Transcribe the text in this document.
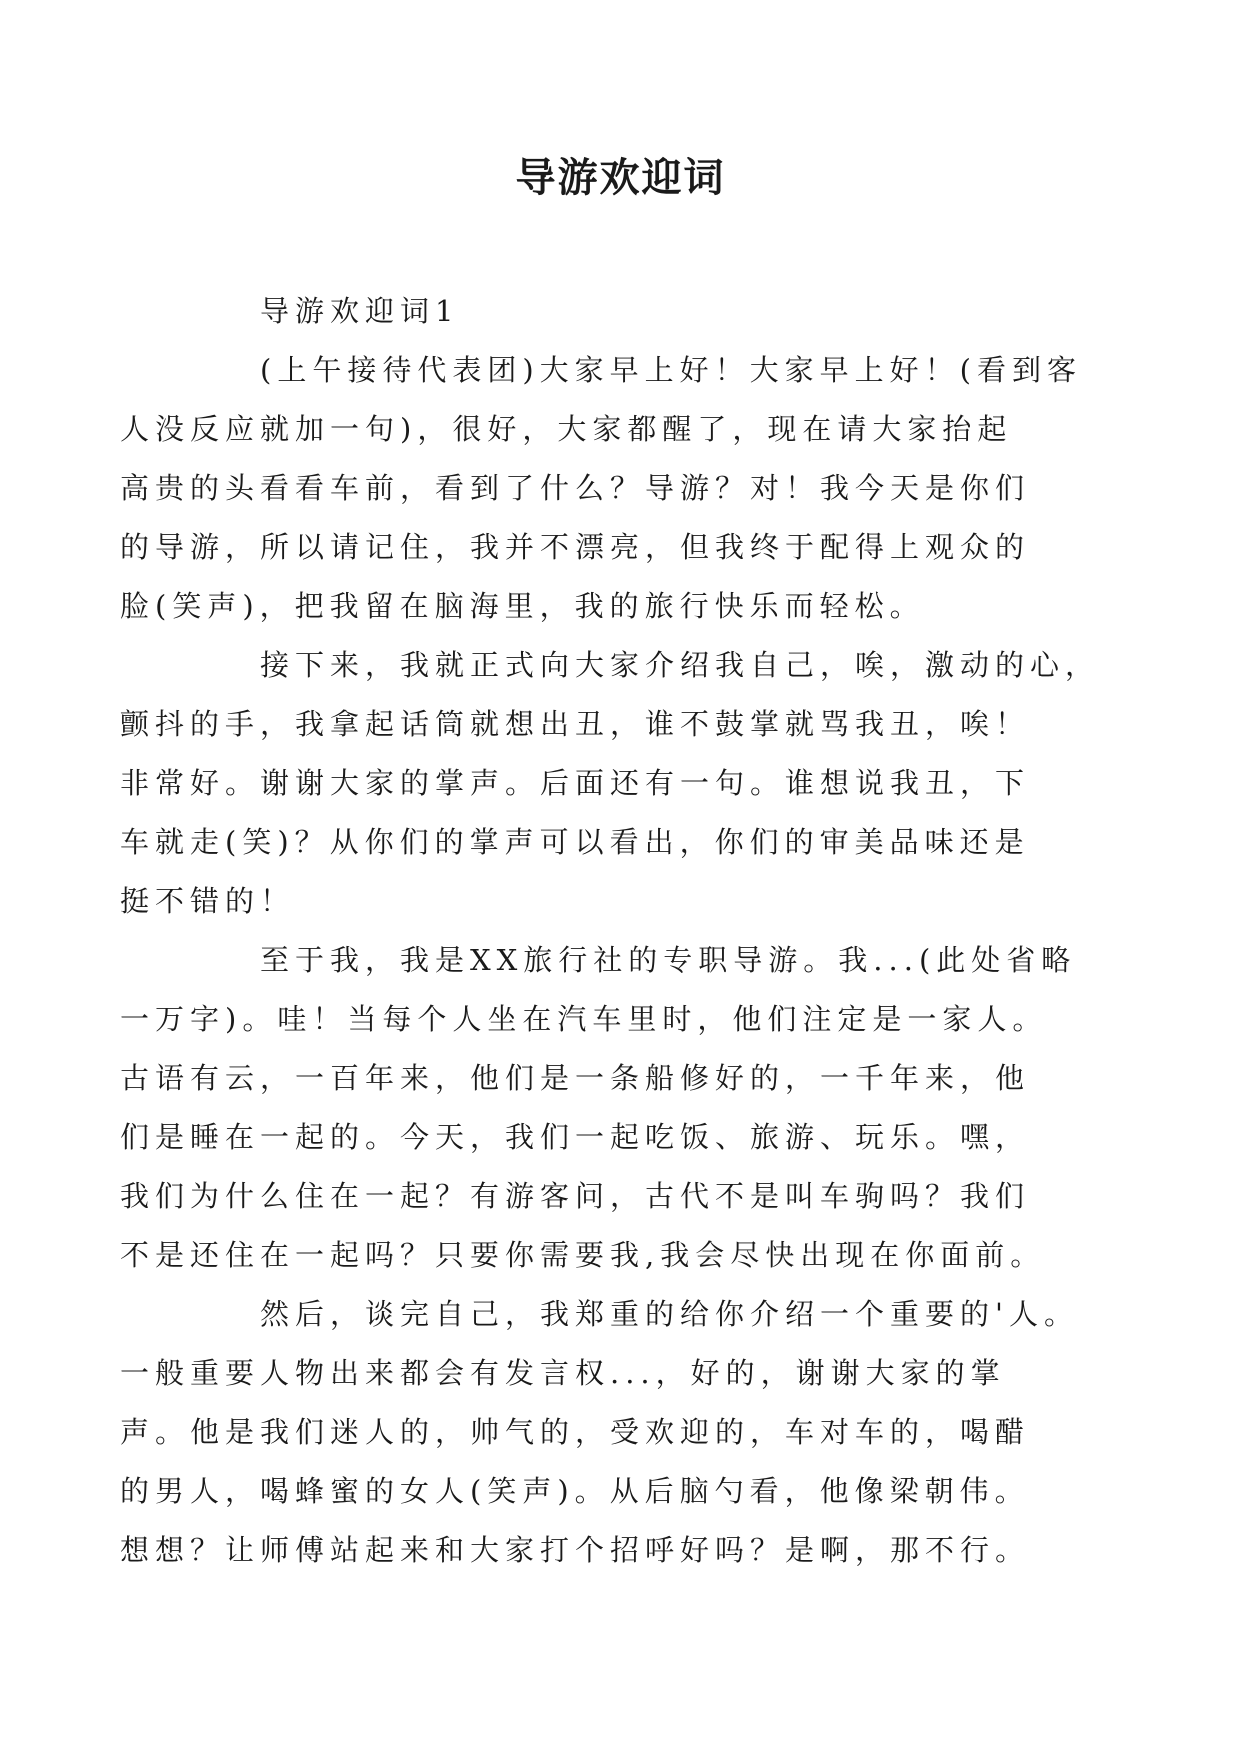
导游欢迎词
导游欢迎词1
(上午接待代表团)大家早上好！大家早上好！(看到客
人没反应就加一句)，很好，大家都醒了，现在请大家抬起
高贵的头看看车前，看到了什么？导游？对！我今天是你们
的导游，所以请记住，我并不漂亮，但我终于配得上观众的
脸(笑声)，把我留在脑海里，我的旅行快乐而轻松。
接下来，我就正式向大家介绍我自己，唉，激动的心，
颤抖的手，我拿起话筒就想出丑，谁不鼓掌就骂我丑，唉！
非常好。谢谢大家的掌声。后面还有一句。谁想说我丑，下
车就走(笑)？从你们的掌声可以看出，你们的审美品味还是
挺不错的！
至于我，我是XX旅行社的专职导游。我...(此处省略
一万字)。哇！当每个人坐在汽车里时，他们注定是一家人。
古语有云，一百年来，他们是一条船修好的，一千年来，他
们是睡在一起的。今天，我们一起吃饭、旅游、玩乐。嘿，
我们为什么住在一起？有游客问，古代不是叫车驹吗？我们
不是还住在一起吗？只要你需要我,我会尽快出现在你面前。
然后，谈完自己，我郑重的给你介绍一个重要的'人。
一般重要人物出来都会有发言权...，好的，谢谢大家的掌
声。他是我们迷人的，帅气的，受欢迎的，车对车的，喝醋
的男人，喝蜂蜜的女人(笑声)。从后脑勺看，他像梁朝伟。
想想？让师傅站起来和大家打个招呼好吗？是啊，那不行。
